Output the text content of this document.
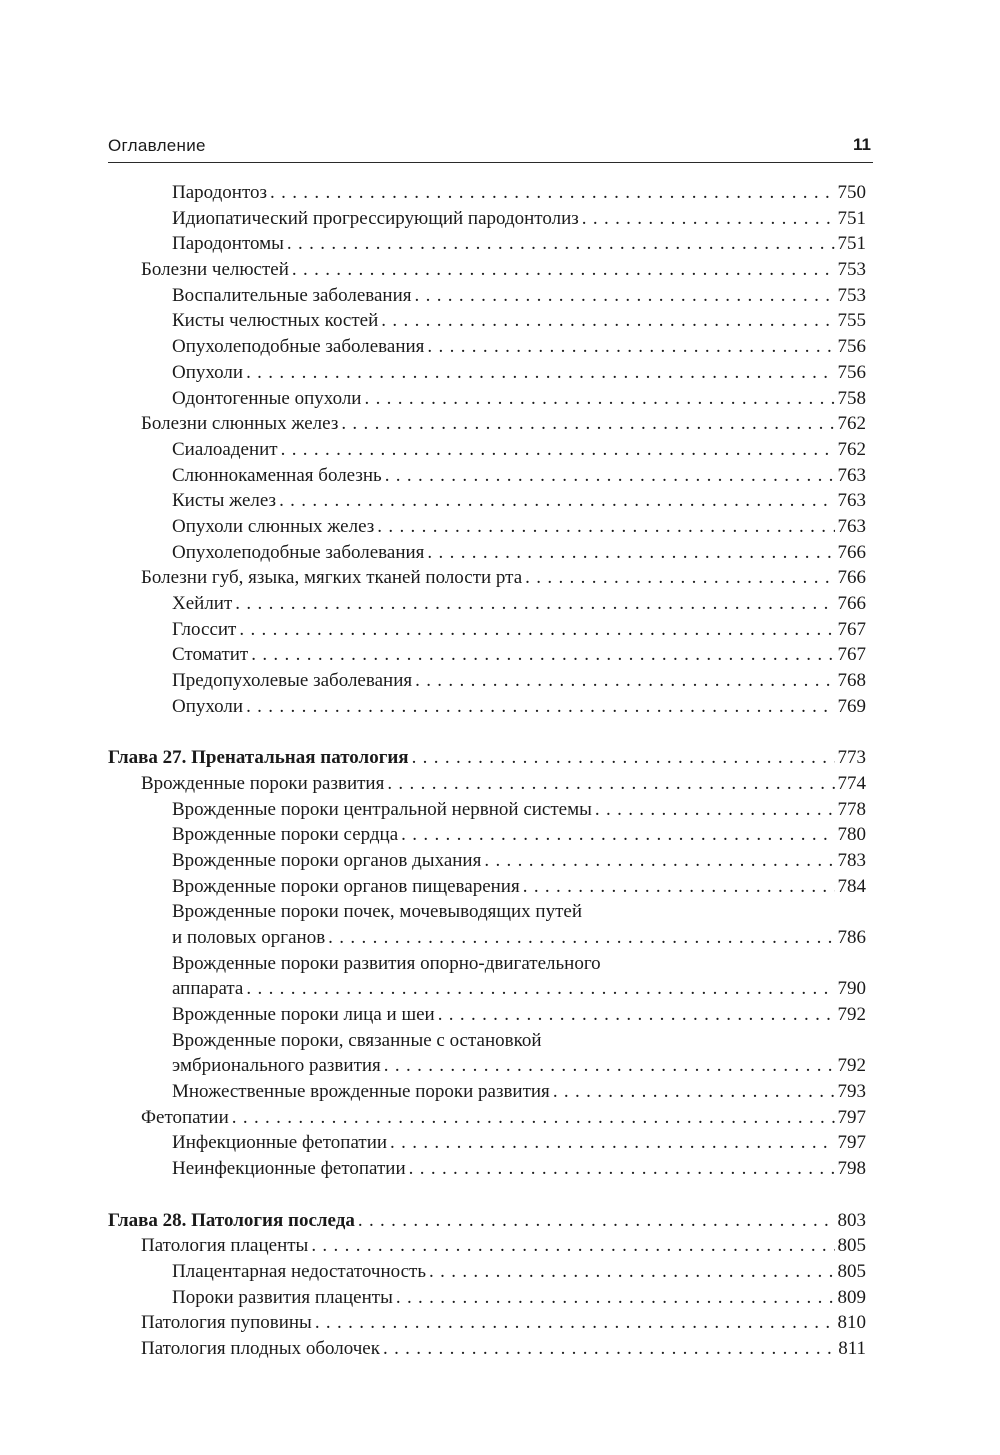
Оглавление	11
Пародонтоз . . .	750
Идиопатический прогрессирующий пародонтолиз . . .	751
Пародонтомы . . .	751
Болезни челюстей . . .	753
Воспалительные заболевания . . .	753
Кисты челюстных костей . . .	755
Опухолеподобные заболевания . . .	756
Опухоли . . .	756
Одонтогенные опухоли . . .	758
Болезни слюнных желез . . .	762
Сиалоаденит . . .	762
Слюннокаменная болезнь . . .	763
Кисты желез . . .	763
Опухоли слюнных желез . . .	763
Опухолеподобные заболевания . . .	766
Болезни губ, языка, мягких тканей полости рта . . .	766
Хейлит . . .	766
Глоссит . . .	767
Стоматит . . .	767
Предопухолевые заболевания . . .	768
Опухоли . . .	769
Глава 27. Пренатальная патология . . .	773
Врожденные пороки развития . . .	774
Врожденные пороки центральной нервной системы . . .	778
Врожденные пороки сердца . . .	780
Врожденные пороки органов дыхания . . .	783
Врожденные пороки органов пищеварения . . .	784
Врожденные пороки почек, мочевыводящих путей
и половых органов . . .	786
Врожденные пороки развития опорно-двигательного
аппарата . . .	790
Врожденные пороки лица и шеи . . .	792
Врожденные пороки, связанные с остановкой
эмбрионального развития . . .	792
Множественные врожденные пороки развития . . .	793
Фетопатии . . .	797
Инфекционные фетопатии . . .	797
Неинфекционные фетопатии . . .	798
Глава 28. Патология последа . . .	803
Патология плаценты . . .	805
Плацентарная недостаточность . . .	805
Пороки развития плаценты . . .	809
Патология пуповины . . .	810
Патология плодных оболочек . . .	811
